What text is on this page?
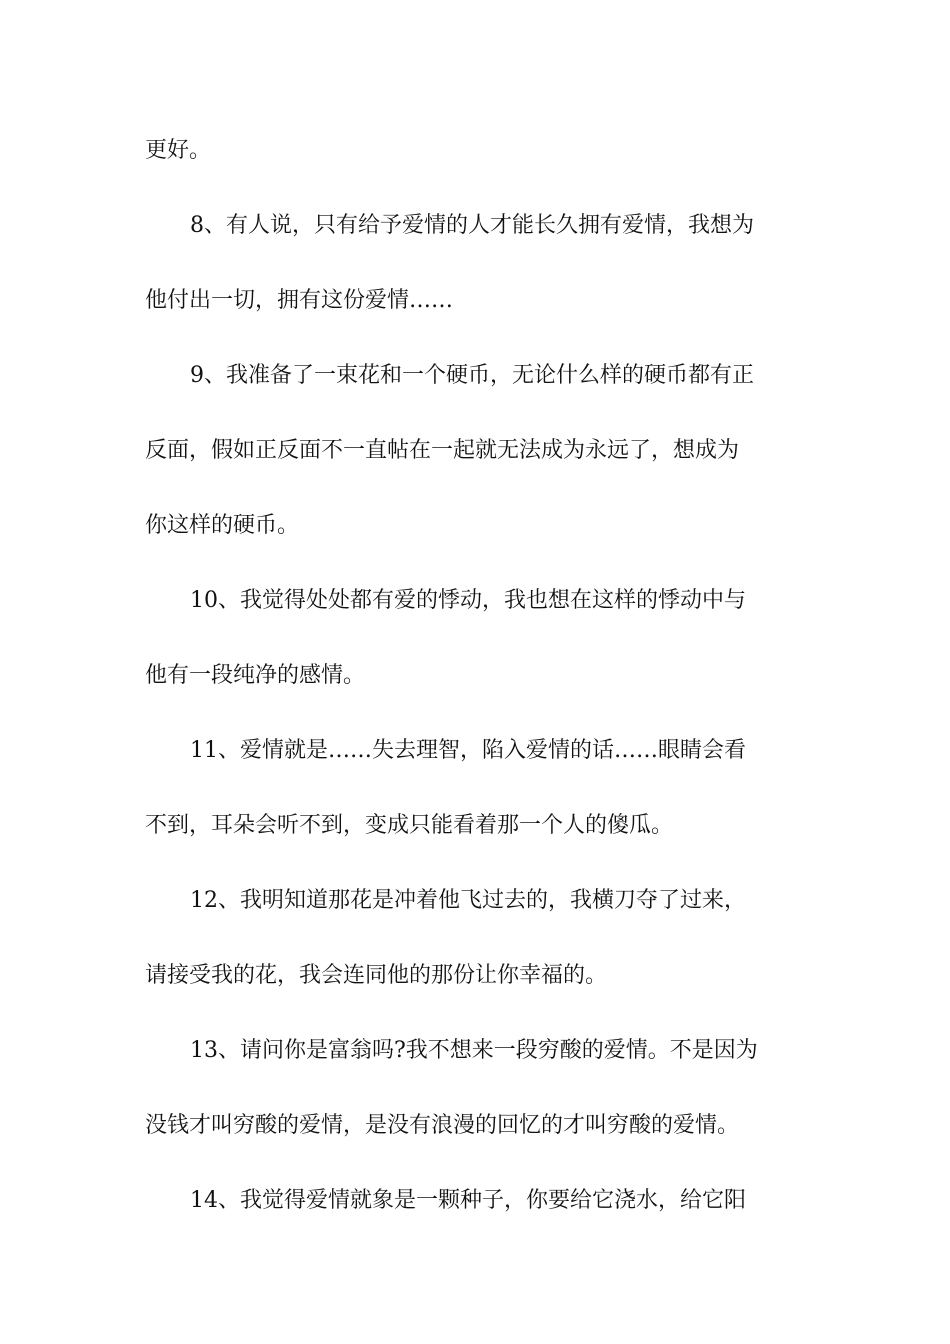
更好。
8、有人说，只有给予爱情的人才能长久拥有爱情，我想为
他付出一切，拥有这份爱情……
9、我准备了一束花和一个硬币，无论什么样的硬币都有正
反面，假如正反面不一直帖在一起就无法成为永远了，想成为
你这样的硬币。
10、我觉得处处都有爱的悸动，我也想在这样的悸动中与
他有一段纯净的感情。
11、爱情就是……失去理智，陷入爱情的话……眼睛会看
不到，耳朵会听不到，变成只能看着那一个人的傻瓜。
12、我明知道那花是冲着他飞过去的，我横刀夺了过来，
请接受我的花，我会连同他的那份让你幸福的。
13、请问你是富翁吗?我不想来一段穷酸的爱情。不是因为
没钱才叫穷酸的爱情，是没有浪漫的回忆的才叫穷酸的爱情。
14、我觉得爱情就象是一颗种子，你要给它浇水，给它阳
